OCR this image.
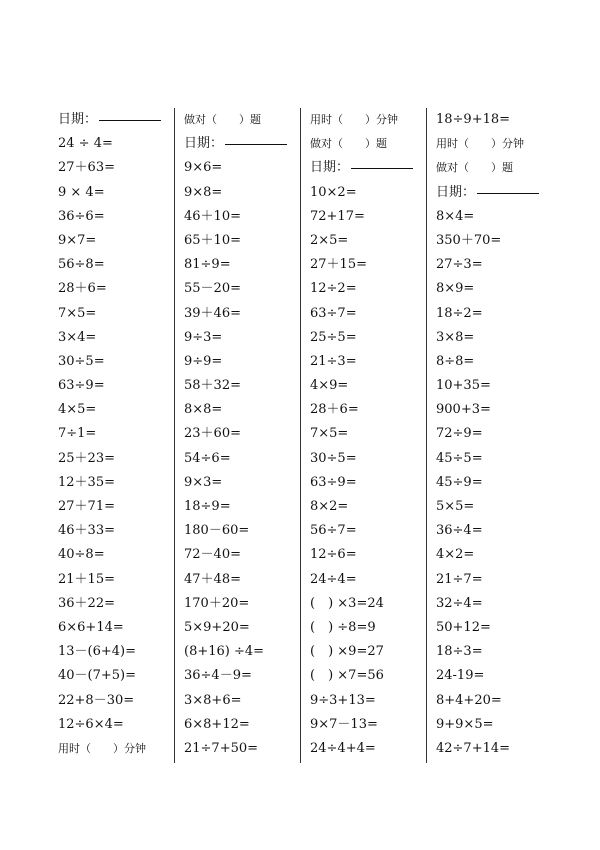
日期：
24 ÷ 4=
27＋63=
9 × 4=
36÷6=
9×7=
56÷8=
28＋6=
7×5=
3×4=
30÷5=
63÷9=
4×5=
7÷1=
25＋23=
12＋35=
27＋71=
46＋33=
40÷8=
21＋15=
36＋22=
6×6+14=
13－(6+4)=
40－(7+5)=
22+8－30=
12÷6×4=
用时（　　）分钟
做对（　　）题
日期：
9×6=
9×8=
46＋10=
65＋10=
81÷9=
55－20=
39＋46=
9÷3=
9÷9=
58＋32=
8×8=
23＋60=
54÷6=
9×3=
18÷9=
180－60=
72－40=
47＋48=
170＋20=
5×9+20=
(8+16) ÷4=
36÷4－9=
3×8+6=
6×8+12=
21÷7+50=
用时（　　）分钟
做对（　　）题
日期：
10×2=
72+17=
2×5=
27＋15=
12÷2=
63÷7=
25÷5=
21÷3=
4×9=
28＋6=
7×5=
30÷5=
63÷9=
8×2=
56÷7=
12÷6=
24÷4=
(　) ×3=24
(　) ÷8=9
(　) ×9=27
(　) ×7=56
9÷3+13=
9×7－13=
24÷4+4=
18÷9+18=
用时（　　）分钟
做对（　　）题
日期：
8×4=
350＋70=
27÷3=
8×9=
18÷2=
3×8=
8÷8=
10+35=
900+3=
72÷9=
45÷5=
45÷9=
5×5=
36÷4=
4×2=
21÷7=
32÷4=
50+12=
18÷3=
24-19=
8+4+20=
9+9×5=
42÷7+14=
